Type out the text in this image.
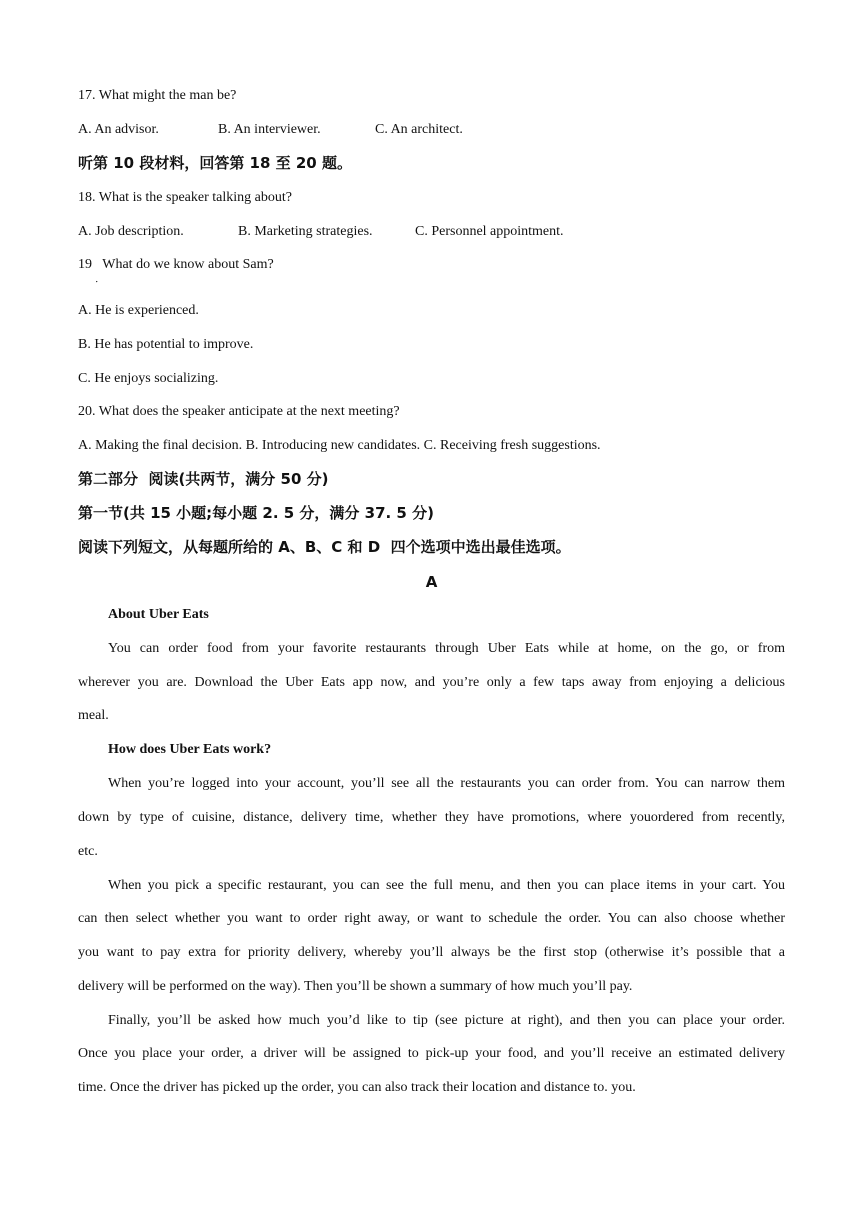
17. What might the man be?
A. An advisor.	B. An interviewer.	C. An architect.
听第 10 段材料，回答第 18 至 20 题。
18. What is the speaker talking about?
A. Job description.	B. Marketing strategies.	C. Personnel appointment.
19   What do we know about Sam?
⋅
A. He is experienced.
B. He has potential to improve.
C. He enjoys socializing.
20. What does the speaker anticipate at the next meeting?
A. Making the final decision. B. Introducing new candidates. C. Receiving fresh suggestions.
第二部分  阅读(共两节，满分 50 分)
第一节(共 15 小题;每小题 2. 5 分，满分 37. 5 分)
阅读下列短文，从每题所给的 A、B、C 和 D  四个选项中选出最佳选项。
A
About Uber Eats
You can order food from your favorite restaurants through Uber Eats while at home, on the go, or from
wherever you are. Download the Uber Eats app now, and you’re only a few taps away from enjoying a delicious
meal.
How does Uber Eats work?
When you’re logged into your account, you’ll see all the restaurants you can order from. You can narrow them
down by type of cuisine, distance, delivery time, whether they have promotions, where youordered from recently,
etc.
When you pick a specific restaurant, you can see the full menu, and then you can place items in your cart. You
can then select whether you want to order right away, or want to schedule the order. You can also choose whether
you want to pay extra for priority delivery, whereby you’ll always be the first stop (otherwise it’s possible that a
delivery will be performed on the way). Then you’ll be shown a summary of how much you’ll pay.
Finally, you’ll be asked how much you’d like to tip (see picture at right), and then you can place your order.
Once you place your order, a driver will be assigned to pick-up your food, and you’ll receive an estimated delivery
time. Once the driver has picked up the order, you can also track their location and distance to. you.
